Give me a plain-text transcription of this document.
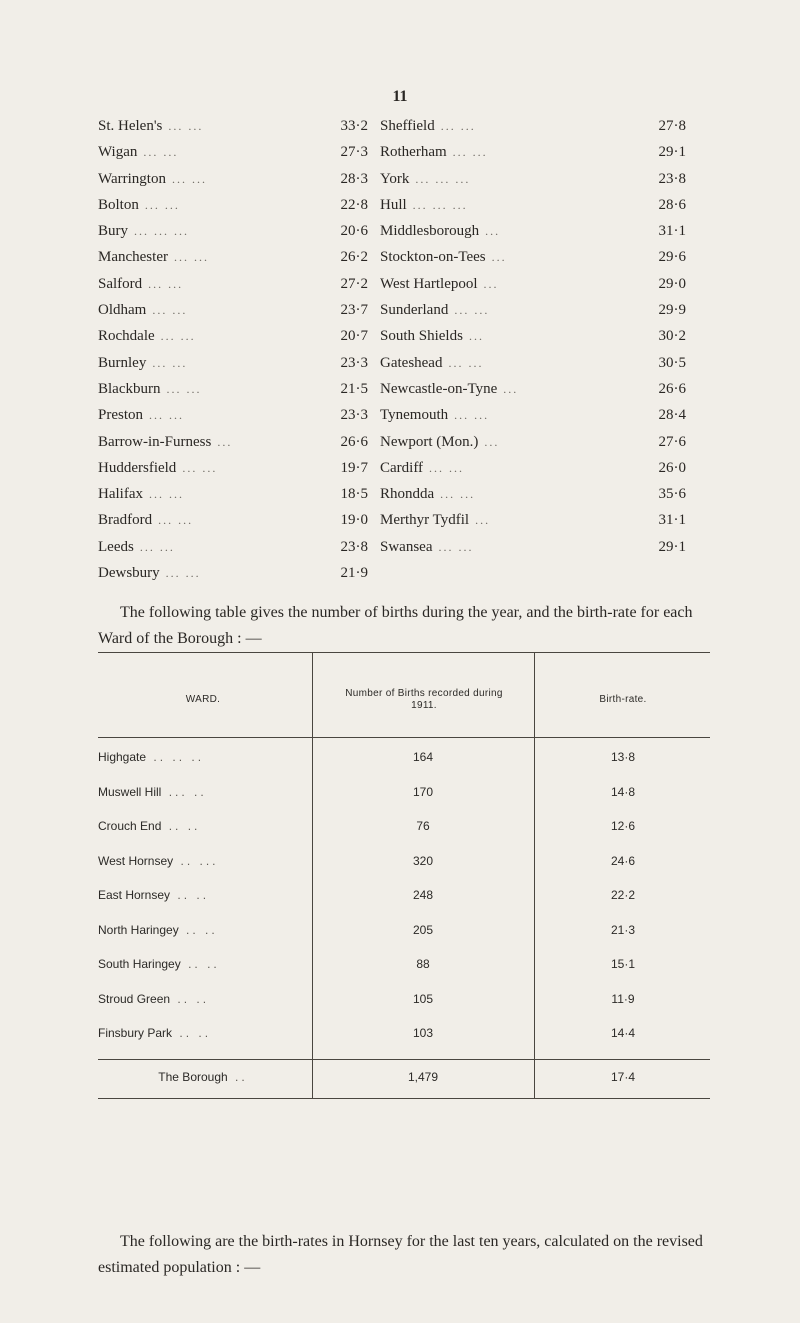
11
St. Helen's ... ...	33·2
Wigan ... ...	27·3
Warrington ... ...	28·3
Bolton ... ...	22·8
Bury ... ... ...	20·6
Manchester ... ...	26·2
Salford ... ...	27·2
Oldham ... ...	23·7
Rochdale ... ...	20·7
Burnley ... ...	23·3
Blackburn ... ...	21·5
Preston ... ...	23·3
Barrow-in-Furness ...	26·6
Huddersfield ... ...	19·7
Halifax ... ...	18·5
Bradford ... ...	19·0
Leeds ... ...	23·8
Dewsbury ... ...	21·9
Sheffield ... ...	27·8
Rotherham ... ...	29·1
York ... ... ...	23·8
Hull ... ... ...	28·6
Middlesborough ...	31·1
Stockton-on-Tees ...	29·6
West Hartlepool ...	29·0
Sunderland ... ...	29·9
South Shields ...	30·2
Gateshead ... ...	30·5
Newcastle-on-Tyne ...	26·6
Tynemouth ... ...	28·4
Newport (Mon.) ...	27·6
Cardiff ... ...	26·0
Rhondda ... ...	35·6
Merthyr Tydfil ...	31·1
Swansea ... ...	29·1

The following table gives the number of births during the year, and the birth-rate for each Ward of the Borough : —

WARD.
Number of Births recorded during 1911.
Birth-rate.
Highgate .. .. ..	164	13·8
Muswell Hill ... ..	170	14·8
Crouch End .. ..	76	12·6
West Hornsey .. ...	320	24·6
East Hornsey .. ..	248	22·2
North Haringey .. ..	205	21·3
South Haringey .. ..	88	15·1
Stroud Green .. ..	105	11·9
Finsbury Park .. ..	103	14·4
The Borough ..	1,479	17·4

The following are the birth-rates in Hornsey for the last ten years, calculated on the revised estimated population : —
